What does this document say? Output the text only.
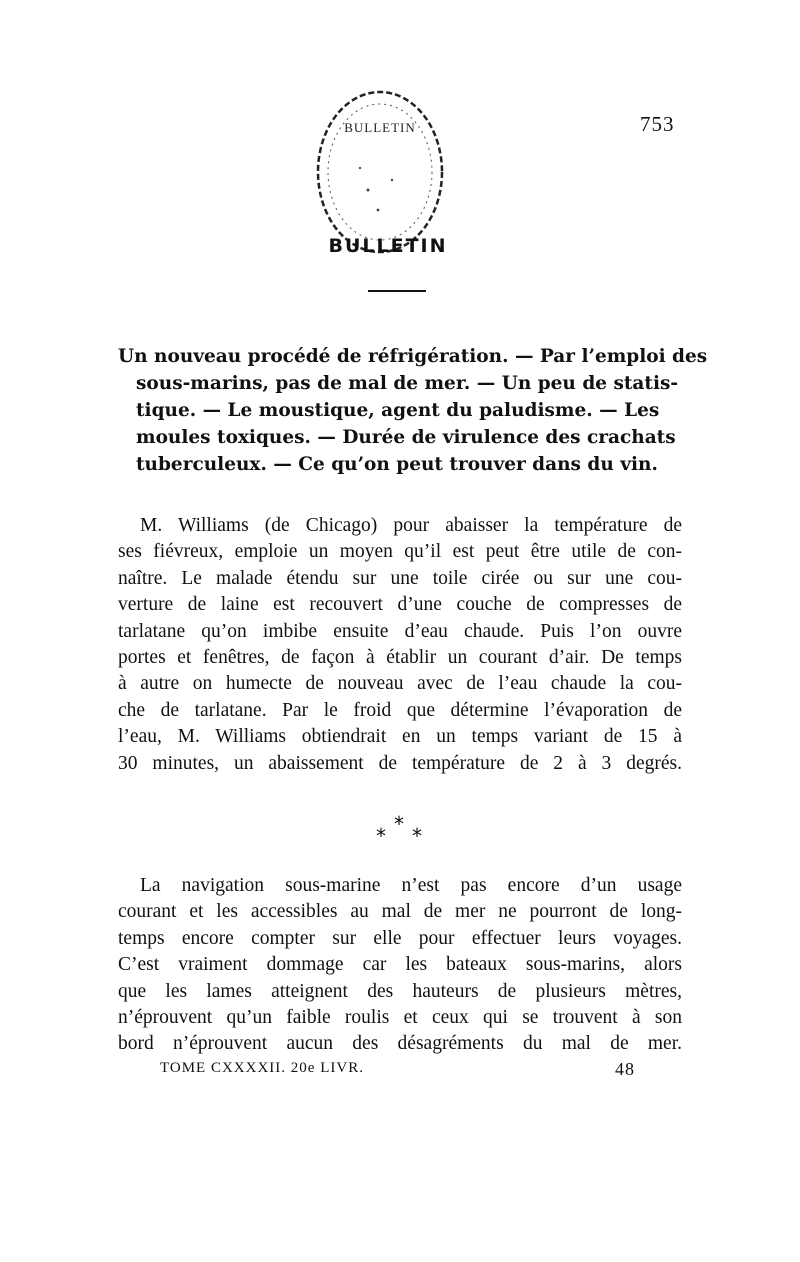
753
BULLETIN
BULLETIN
Un nouveau procédé de réfrigération. — Par l’emploi des
sous-marins, pas de mal de mer. — Un peu de statis-
tique. — Le moustique, agent du paludisme. — Les
moules toxiques. — Durée de virulence des crachats
tuberculeux. — Ce qu’on peut trouver dans du vin.
M. Williams (de Chicago) pour abaisser la température de
ses fiévreux, emploie un moyen qu’il est peut être utile de con-
naître. Le malade étendu sur une toile cirée ou sur une cou-
verture de laine est recouvert d’une couche de compresses de
tarlatane qu’on imbibe ensuite d’eau chaude. Puis l’on ouvre
portes et fenêtres, de façon à établir un courant d’air. De temps
à autre on humecte de nouveau avec de l’eau chaude la cou-
che de tarlatane. Par le froid que détermine l’évaporation de
l’eau, M. Williams obtiendrait en un temps variant de 15 à
30 minutes, un abaissement de température de 2 à 3 degrés.
* * *
La navigation sous-marine n’est pas encore d’un usage
courant et les accessibles au mal de mer ne pourront de long-
temps encore compter sur elle pour effectuer leurs voyages.
C’est vraiment dommage car les bateaux sous-marins, alors
que les lames atteignent des hauteurs de plusieurs mètres,
n’éprouvent qu’un faible roulis et ceux qui se trouvent à son
bord n’éprouvent aucun des désagréments du mal de mer.
TOME CXXXXII. 20e LIVR.	48
